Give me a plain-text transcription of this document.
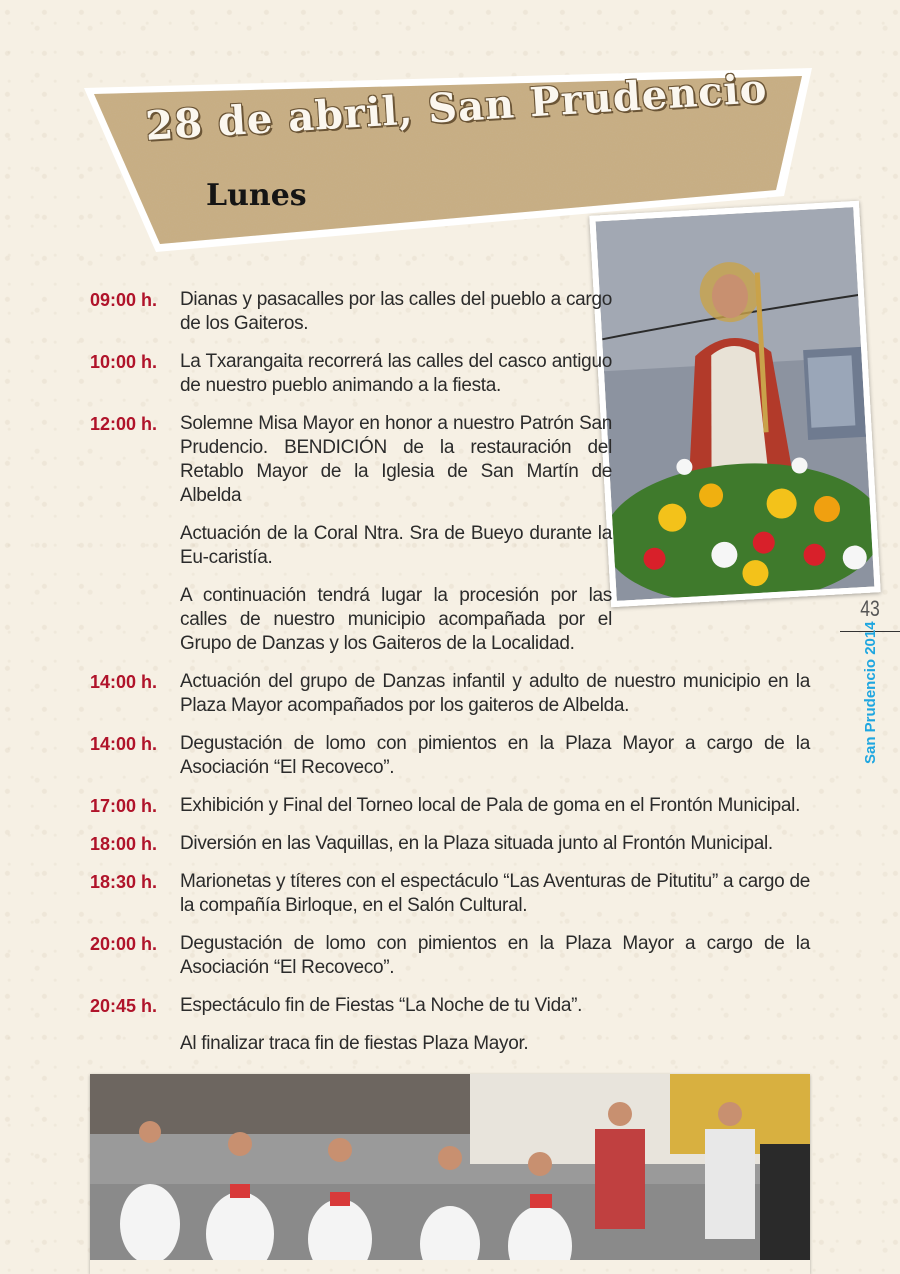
28 de abril, San Prudencio
Lunes
43
San Prudencio 2014
09:00 h.	Dianas y pasacalles por las calles del pueblo a cargo de los Gaiteros.
10:00 h.	La Txarangaita recorrerá las calles del casco antiguo de nuestro pueblo animando a la fiesta.
12:00 h.	Solemne Misa Mayor en honor a nuestro Patrón San Prudencio. BENDICIÓN de la restauración del Retablo Mayor de la Iglesia de San Martín de Albelda
Actuación de la Coral Ntra. Sra de Bueyo durante la Eu-caristía.
A continuación tendrá lugar la procesión por las calles de nuestro municipio acompañada por el Grupo de Danzas y los Gaiteros de la Localidad.
14:00 h.	Actuación del grupo de Danzas infantil y adulto de nuestro municipio en la Plaza Mayor acompañados por los gaiteros de Albelda.
14:00 h.	Degustación de lomo con pimientos en la Plaza Mayor a cargo de la Asociación “El Recoveco”.
17:00 h.	Exhibición y Final del Torneo local de Pala de goma en el Frontón Municipal.
18:00 h.	Diversión en las Vaquillas, en la Plaza situada junto al Frontón Municipal.
18:30 h.	Marionetas y títeres con el espectáculo “Las Aventuras de Pitutitu” a cargo de la compañía Birloque, en el Salón Cultural.
20:00 h.	Degustación de lomo con pimientos en la Plaza Mayor a cargo de la Asociación “El Recoveco”.
20:45 h.	Espectáculo fin de Fiestas “La Noche de tu Vida”.
Al finalizar traca fin de fiestas Plaza Mayor.
